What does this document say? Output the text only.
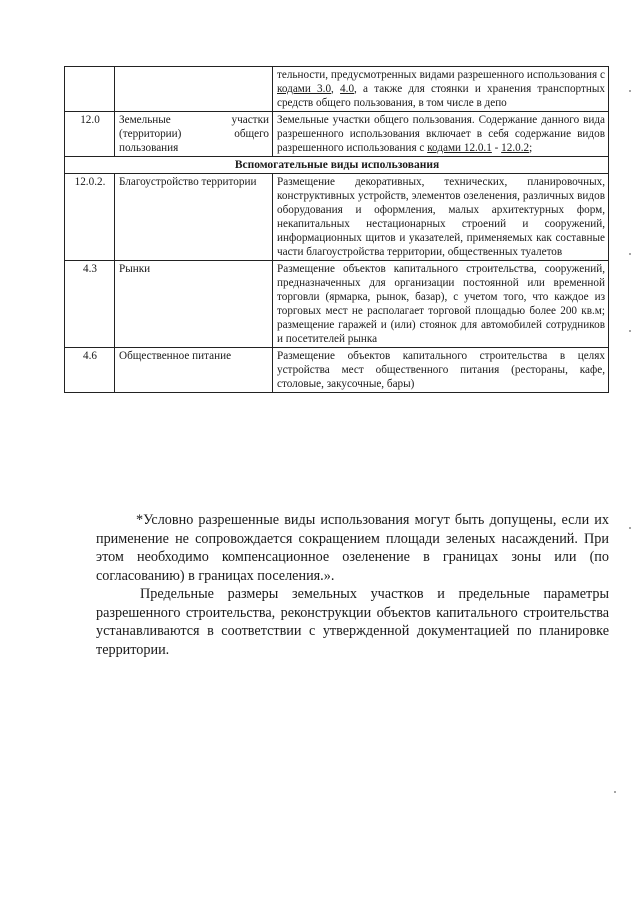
		тельности, предусмотренных видами разрешенного использования с кодами 3.0, 4.0, а также для стоянки и хранения транспортных средств общего пользования, в том числе в депо
12.0	Земельные участки (территории) общего пользования	Земельные участки общего пользования. Содержание данного вида разрешенного использования включает в себя содержание видов разрешенного использования с кодами 12.0.1 - 12.0.2;
Вспомогательные виды использования		
12.0.2.	Благоустройство территории	Размещение декоративных, технических, планировочных, конструктивных устройств, элементов озеленения, различных видов оборудования и оформления, малых архитектурных форм, некапитальных нестационарных строений и сооружений, информационных щитов и указателей, применяемых как составные части благоустройства территории, общественных туалетов
4.3	Рынки	Размещение объектов капитального строительства, сооружений, предназначенных для организации постоянной или временной торговли (ярмарка, рынок, базар), с учетом того, что каждое из торговых мест не располагает торговой площадью более 200 кв.м; размещение гаражей и (или) стоянок для автомобилей сотрудников и посетителей рынка
4.6	Общественное питание	Размещение объектов капитального строительства в целях устройства мест общественного питания (рестораны, кафе, столовые, закусочные, бары)

*Условно разрешенные виды использования могут быть допущены, если их применение не сопровождается сокращением площади зеленых насаждений. При этом необходимо компенсационное озеленение в границах зоны или (по согласованию) в границах поселения.».

Предельные размеры земельных участков и предельные параметры разрешенного строительства, реконструкции объектов капитального строительства устанавливаются в соответствии с утвержденной документацией по планировке территории.
